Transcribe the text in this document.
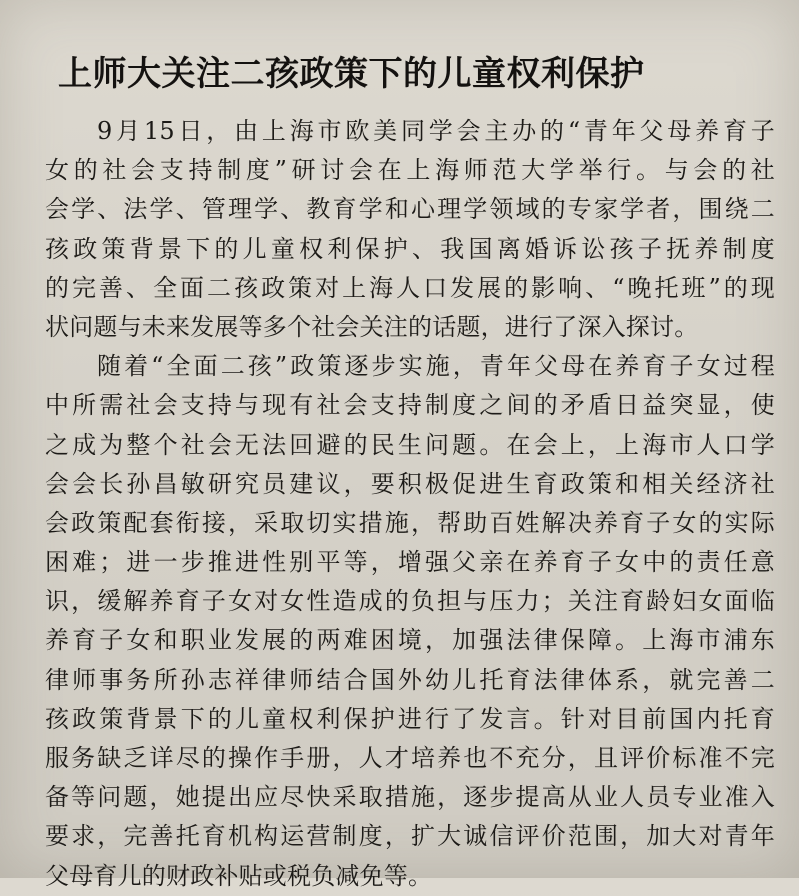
上师大关注二孩政策下的儿童权利保护
9月15日，由上海市欧美同学会主办的“青年父母养育子
女的社会支持制度”研讨会在上海师范大学举行。与会的社
会学、法学、管理学、教育学和心理学领域的专家学者，围绕二
孩政策背景下的儿童权利保护、我国离婚诉讼孩子抚养制度
的完善、全面二孩政策对上海人口发展的影响、“晚托班”的现
状问题与未来发展等多个社会关注的话题，进行了深入探讨。
随着“全面二孩”政策逐步实施，青年父母在养育子女过程
中所需社会支持与现有社会支持制度之间的矛盾日益突显，使
之成为整个社会无法回避的民生问题。在会上，上海市人口学
会会长孙昌敏研究员建议，要积极促进生育政策和相关经济社
会政策配套衔接，采取切实措施，帮助百姓解决养育子女的实际
困难；进一步推进性别平等，增强父亲在养育子女中的责任意
识，缓解养育子女对女性造成的负担与压力；关注育龄妇女面临
养育子女和职业发展的两难困境，加强法律保障。上海市浦东
律师事务所孙志祥律师结合国外幼儿托育法律体系，就完善二
孩政策背景下的儿童权利保护进行了发言。针对目前国内托育
服务缺乏详尽的操作手册，人才培养也不充分，且评价标准不完
备等问题，她提出应尽快采取措施，逐步提高从业人员专业准入
要求，完善托育机构运营制度，扩大诚信评价范围，加大对青年
父母育儿的财政补贴或税负减免等。
